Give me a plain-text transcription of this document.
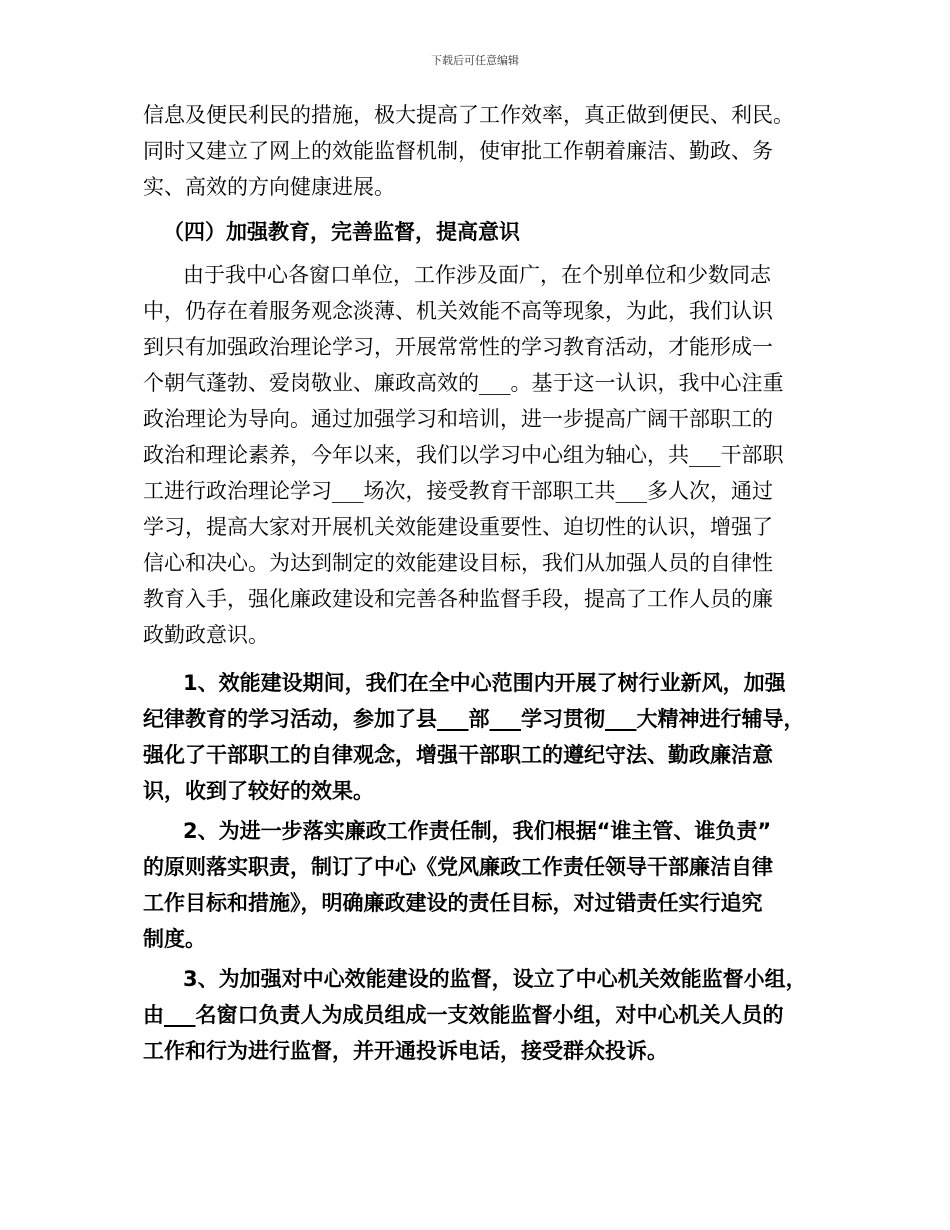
下载后可任意编辑
信息及便民利民的措施，极大提高了工作效率，真正做到便民、利民。
同时又建立了网上的效能监督机制，使审批工作朝着廉洁、勤政、务
实、高效的方向健康进展。
（四）加强教育，完善监督，提高意识
由于我中心各窗口单位，工作涉及面广，在个别单位和少数同志
中，仍存在着服务观念淡薄、机关效能不高等现象，为此，我们认识
到只有加强政治理论学习，开展常常性的学习教育活动，才能形成一
个朝气蓬勃、爱岗敬业、廉政高效的___。基于这一认识，我中心注重
政治理论为导向。通过加强学习和培训，进一步提高广阔干部职工的
政治和理论素养，今年以来，我们以学习中心组为轴心，共___干部职
工进行政治理论学习___场次，接受教育干部职工共___多人次，通过
学习，提高大家对开展机关效能建设重要性、迫切性的认识，增强了
信心和决心。为达到制定的效能建设目标，我们从加强人员的自律性
教育入手，强化廉政建设和完善各种监督手段，提高了工作人员的廉
政勤政意识。
1、效能建设期间，我们在全中心范围内开展了树行业新风，加强
纪律教育的学习活动，参加了县___部___学习贯彻___大精神进行辅导，
强化了干部职工的自律观念，增强干部职工的遵纪守法、勤政廉洁意
识，收到了较好的效果。
2、为进一步落实廉政工作责任制，我们根据“谁主管、谁负责”
的原则落实职责，制订了中心《党风廉政工作责任领导干部廉洁自律
工作目标和措施》，明确廉政建设的责任目标，对过错责任实行追究
制度。
3、为加强对中心效能建设的监督，设立了中心机关效能监督小组，
由___名窗口负责人为成员组成一支效能监督小组，对中心机关人员的
工作和行为进行监督，并开通投诉电话，接受群众投诉。
